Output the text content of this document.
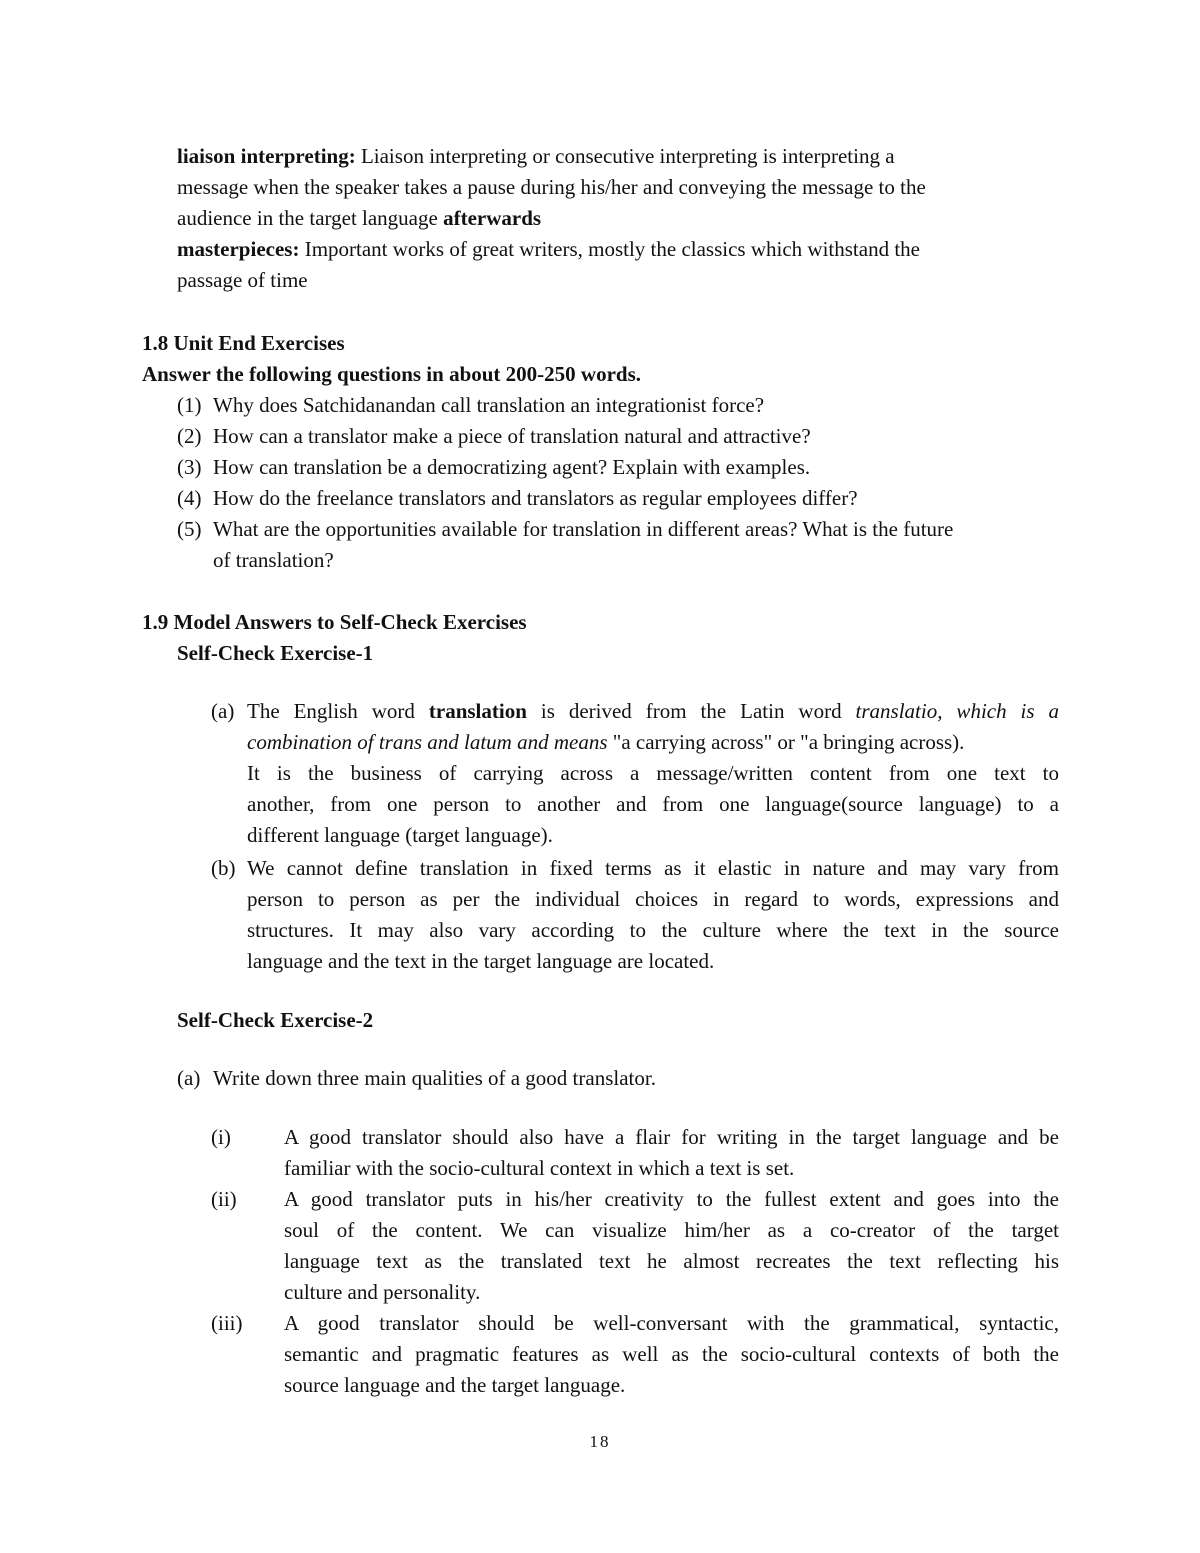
liaison interpreting: Liaison interpreting or consecutive interpreting is interpreting a
message when the speaker takes a pause during his/her and conveying the message to the
audience in the target language afterwards
masterpieces: Important works of great writers, mostly the classics which withstand the
passage of time
1.8 Unit End Exercises
Answer the following questions in about 200-250 words.
(1) Why does Satchidanandan call translation an integrationist force?
(2) How can a translator make a piece of translation natural and attractive?
(3) How can translation be a democratizing agent? Explain with examples.
(4) How do the freelance translators and translators as regular employees differ?
(5) What are the opportunities available for translation in different areas? What is the future
of translation?
1.9 Model Answers to Self-Check Exercises
Self-Check Exercise-1
(a) The English word translation is derived from the Latin word translatio, which is a
combination of trans and latum and means "a carrying across" or "a bringing across).
It is the business of carrying across a message/written content from one text to
another, from one person to another and from one language(source language) to a
different language (target language).
(b) We cannot define translation in fixed terms as it elastic in nature and may vary from
person to person as per the individual choices in regard to words, expressions and
structures. It may also vary according to the culture where the text in the source
language and the text in the target language are located.
Self-Check Exercise-2
(a) Write down three main qualities of a good translator.
(i)	A good translator should also have a flair for writing in the target language and be
familiar with the socio-cultural context in which a text is set.
(ii) A good translator puts in his/her creativity to the fullest extent and goes into the
soul of the content. We can visualize him/her as a co-creator of the target
language text as the translated text he almost recreates the text reflecting his
culture and personality.
(iii) A good translator should be well-conversant with the grammatical, syntactic,
semantic and pragmatic features as well as the socio-cultural contexts of both the
source language and the target language.
18
